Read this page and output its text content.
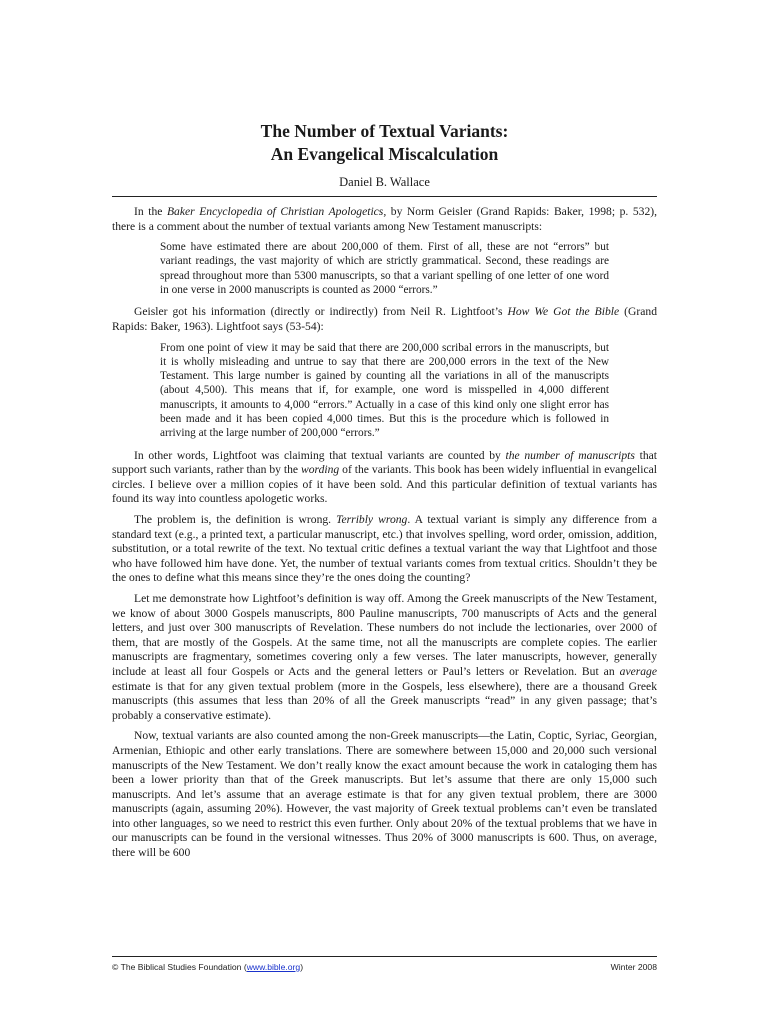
The Number of Textual Variants:
An Evangelical Miscalculation
Daniel B. Wallace

In the Baker Encyclopedia of Christian Apologetics, by Norm Geisler (Grand Rapids: Baker, 1998; p. 532), there is a comment about the number of textual variants among New Testament manuscripts:

Some have estimated there are about 200,000 of them. First of all, these are not “errors” but variant readings, the vast majority of which are strictly grammatical. Second, these readings are spread throughout more than 5300 manuscripts, so that a variant spelling of one letter of one word in one verse in 2000 manuscripts is counted as 2000 “errors.”

Geisler got his information (directly or indirectly) from Neil R. Lightfoot’s How We Got the Bible (Grand Rapids: Baker, 1963). Lightfoot says (53-54):

From one point of view it may be said that there are 200,000 scribal errors in the manuscripts, but it is wholly misleading and untrue to say that there are 200,000 errors in the text of the New Testament. This large number is gained by counting all the variations in all of the manuscripts (about 4,500). This means that if, for example, one word is misspelled in 4,000 different manuscripts, it amounts to 4,000 “errors.” Actually in a case of this kind only one slight error has been made and it has been copied 4,000 times. But this is the procedure which is followed in arriving at the large number of 200,000 “errors.”

In other words, Lightfoot was claiming that textual variants are counted by the number of manuscripts that support such variants, rather than by the wording of the variants. This book has been widely influential in evangelical circles. I believe over a million copies of it have been sold. And this particular definition of textual variants has found its way into countless apologetic works.

The problem is, the definition is wrong. Terribly wrong. A textual variant is simply any difference from a standard text (e.g., a printed text, a particular manuscript, etc.) that involves spelling, word order, omission, addition, substitution, or a total rewrite of the text. No textual critic defines a textual variant the way that Lightfoot and those who have followed him have done. Yet, the number of textual variants comes from textual critics. Shouldn’t they be the ones to define what this means since they’re the ones doing the counting?

Let me demonstrate how Lightfoot’s definition is way off. Among the Greek manuscripts of the New Testament, we know of about 3000 Gospels manuscripts, 800 Pauline manuscripts, 700 manuscripts of Acts and the general letters, and just over 300 manuscripts of Revelation. These numbers do not include the lectionaries, over 2000 of them, that are mostly of the Gospels. At the same time, not all the manuscripts are complete copies. The earlier manuscripts are fragmentary, sometimes covering only a few verses. The later manuscripts, however, generally include at least all four Gospels or Acts and the general letters or Paul’s letters or Revelation. But an average estimate is that for any given textual problem (more in the Gospels, less elsewhere), there are a thousand Greek manuscripts (this assumes that less than 20% of all the Greek manuscripts “read” in any given passage; that’s probably a conservative estimate).

Now, textual variants are also counted among the non-Greek manuscripts—the Latin, Coptic, Syriac, Georgian, Armenian, Ethiopic and other early translations. There are somewhere between 15,000 and 20,000 such versional manuscripts of the New Testament. We don’t really know the exact amount because the work in cataloging them has been a lower priority than that of the Greek manuscripts. But let’s assume that there are only 15,000 such manuscripts. And let’s assume that an average estimate is that for any given textual problem, there are 3000 manuscripts (again, assuming 20%). However, the vast majority of Greek textual problems can’t even be translated into other languages, so we need to restrict this even further. Only about 20% of the textual problems that we have in our manuscripts can be found in the versional witnesses. Thus 20% of 3000 manuscripts is 600. Thus, on average, there will be 600

© The Biblical Studies Foundation (www.bible.org)	Winter 2008
